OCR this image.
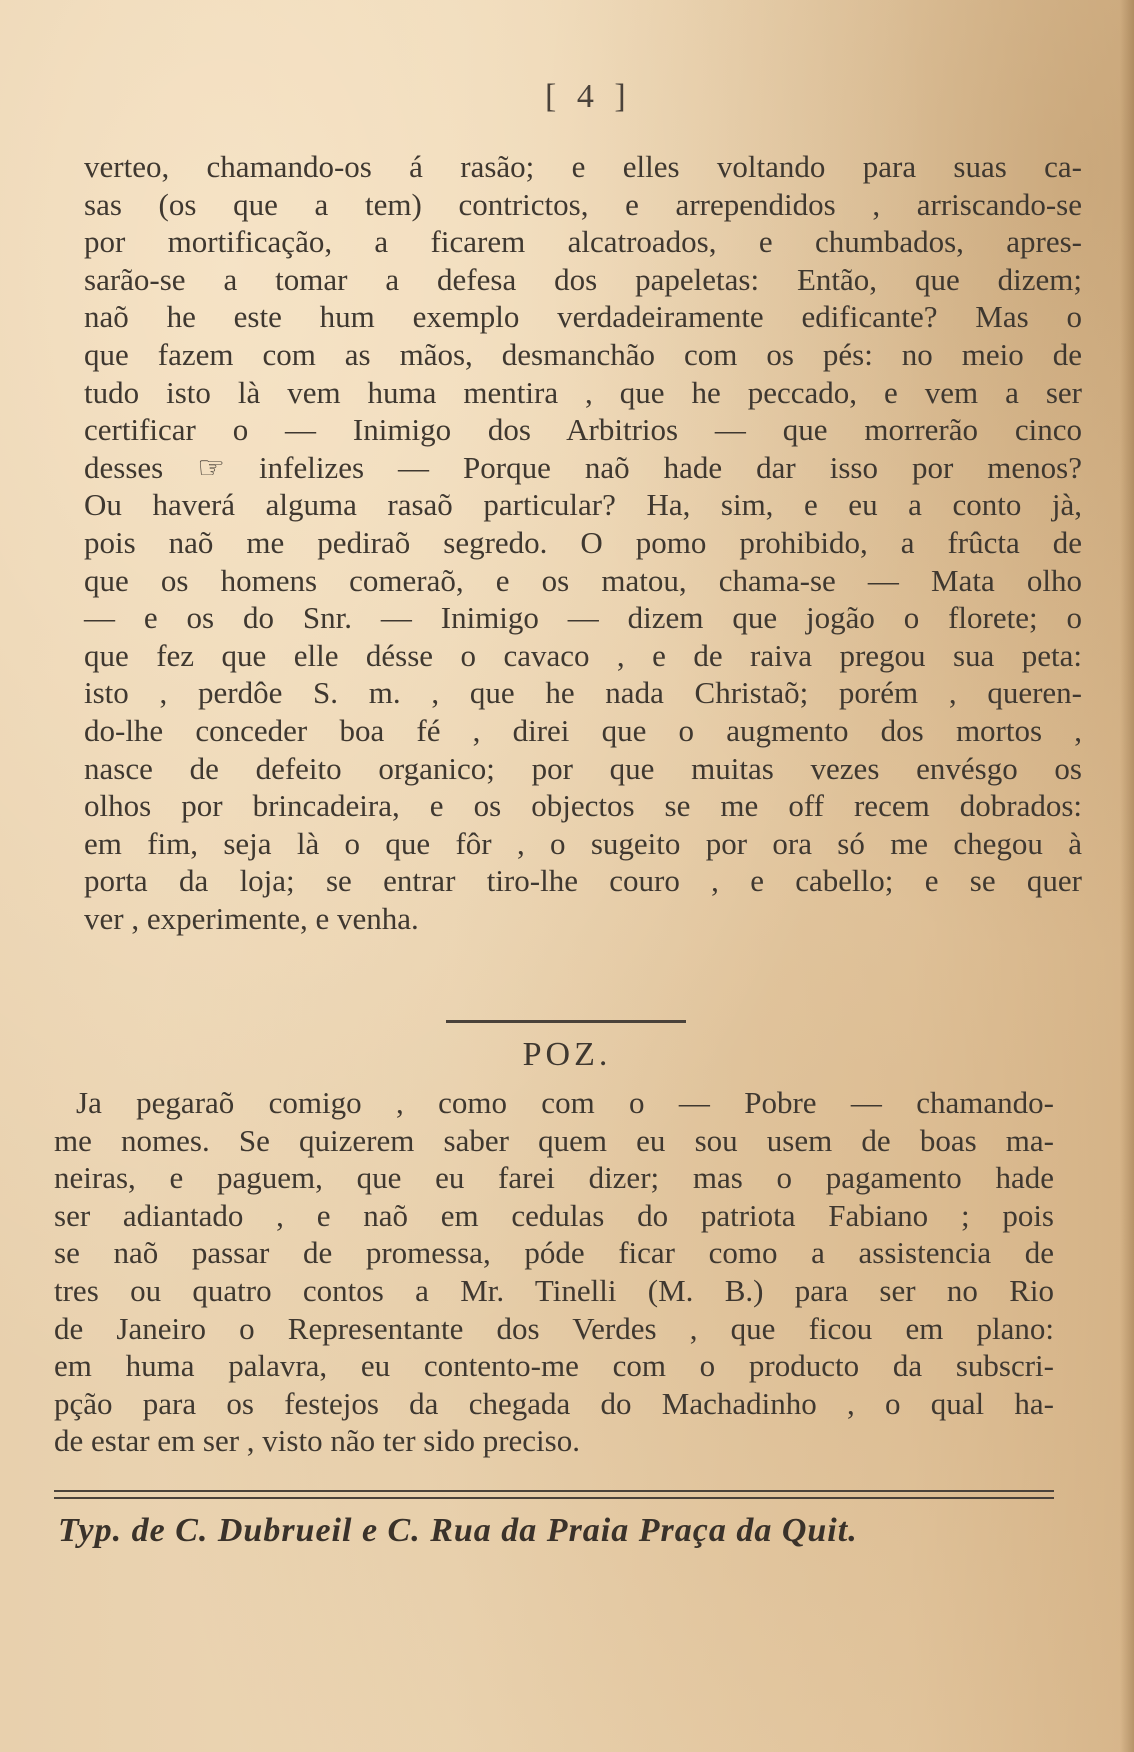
[ 4 ]
verteo, chamando-os á rasão; e elles voltando para suas ca-
sas (os que a tem) contrictos, e arrependidos , arriscando-se
por mortificação, a ficarem alcatroados, e chumbados, apres-
sarão-se a tomar a defesa dos papeletas: Então, que dizem;
naõ he este hum exemplo verdadeiramente edificante? Mas o
que fazem com as mãos, desmanchão com os pés: no meio de
tudo isto là vem huma mentira , que he peccado, e vem a ser
certificar o — Inimigo dos Arbitrios — que morrerão cinco
desses ☞ infelizes — Porque naõ hade dar isso por menos?
Ou haverá alguma rasaõ particular? Ha, sim, e eu a conto jà,
pois naõ me pediraõ segredo. O pomo prohibido, a frûcta de
que os homens comeraõ, e os matou, chama-se — Mata olho
— e os do Snr. — Inimigo — dizem que jogão o florete; o
que fez que elle désse o cavaco , e de raiva pregou sua peta:
isto , perdôe S. m. , que he nada Christaõ; porém , queren-
do-lhe conceder boa fé , direi que o augmento dos mortos ,
nasce de defeito organico; por que muitas vezes envésgo os
olhos por brincadeira, e os objectos se me off recem dobrados:
em fim, seja là o que fôr , o sugeito por ora só me chegou à
porta da loja; se entrar tiro-lhe couro , e cabello; e se quer
ver , experimente, e venha.
POZ.
Ja pegaraõ comigo , como com o — Pobre — chamando-
me nomes. Se quizerem saber quem eu sou usem de boas ma-
neiras, e paguem, que eu farei dizer; mas o pagamento hade
ser adiantado , e naõ em cedulas do patriota Fabiano ; pois
se naõ passar de promessa, póde ficar como a assistencia de
tres ou quatro contos a Mr. Tinelli (M. B.) para ser no Rio
de Janeiro o Representante dos Verdes , que ficou em plano:
em huma palavra, eu contento-me com o producto da subscri-
pção para os festejos da chegada do Machadinho , o qual ha-
de estar em ser , visto não ter sido preciso.
Typ. de C. Dubrueil e C. Rua da Praia Praça da Quit.
